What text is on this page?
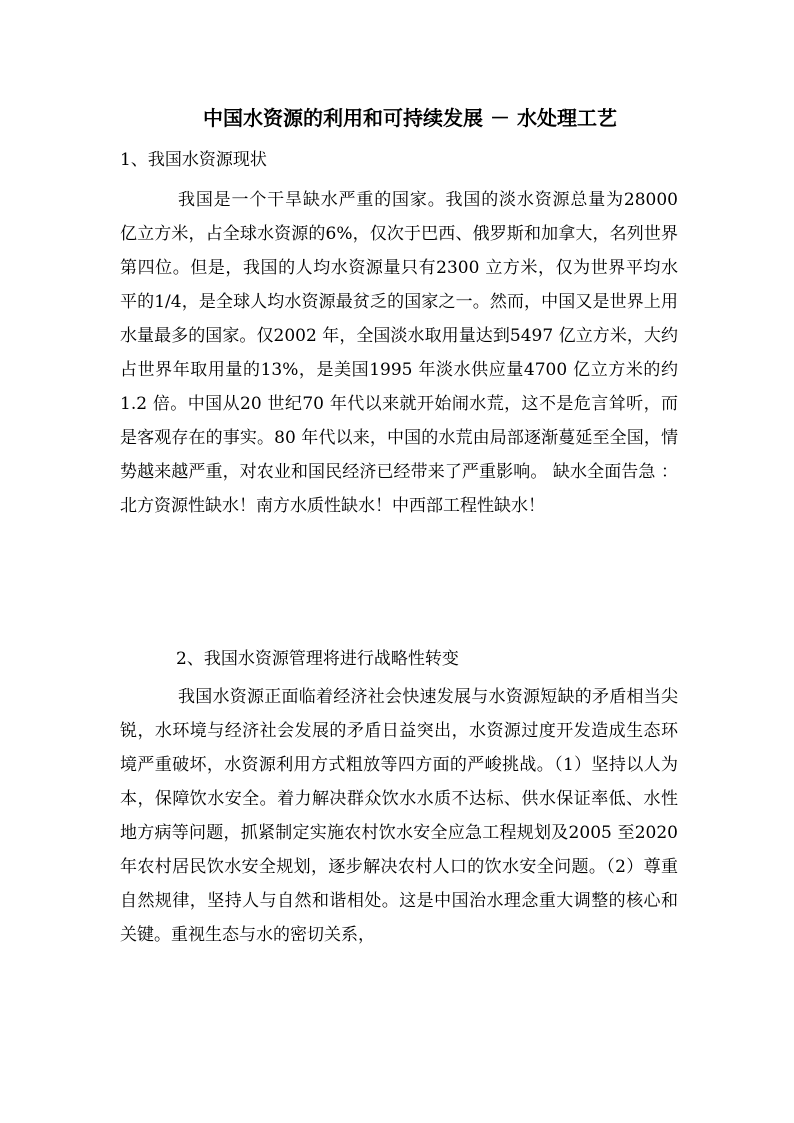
中国水资源的利用和可持续发展 － 水处理工艺
1、我国水资源现状

我国是一个干旱缺水严重的国家。我国的淡水资源总量为28000 亿立方米，占全球水资源的6%，仅次于巴西、俄罗斯和加拿大，名列世界第四位。但是，我国的人均水资源量只有2300 立方米，仅为世界平均水平的1/4，是全球人均水资源最贫乏的国家之一。然而，中国又是世界上用水量最多的国家。仅2002 年，全国淡水取用量达到5497 亿立方米，大约占世界年取用量的13%，是美国1995 年淡水供应量4700 亿立方米的约1.2 倍。中国从20 世纪70 年代以来就开始闹水荒，这不是危言耸听，而是客观存在的事实。80 年代以来，中国的水荒由局部逐渐蔓延至全国，情势越来越严重，对农业和国民经济已经带来了严重影响。 缺水全面告急 ：北方资源性缺水！南方水质性缺水！中西部工程性缺水！

2、我国水资源管理将进行战略性转变

我国水资源正面临着经济社会快速发展与水资源短缺的矛盾相当尖锐，水环境与经济社会发展的矛盾日益突出，水资源过度开发造成生态环境严重破坏，水资源利用方式粗放等四方面的严峻挑战。（1）坚持以人为本，保障饮水安全。着力解决群众饮水水质不达标、供水保证率低、水性地方病等问题，抓紧制定实施农村饮水安全应急工程规划及2005 至2020 年农村居民饮水安全规划，逐步解决农村人口的饮水安全问题。（2）尊重自然规律，坚持人与自然和谐相处。这是中国治水理念重大调整的核心和关键。重视生态与水的密切关系，
